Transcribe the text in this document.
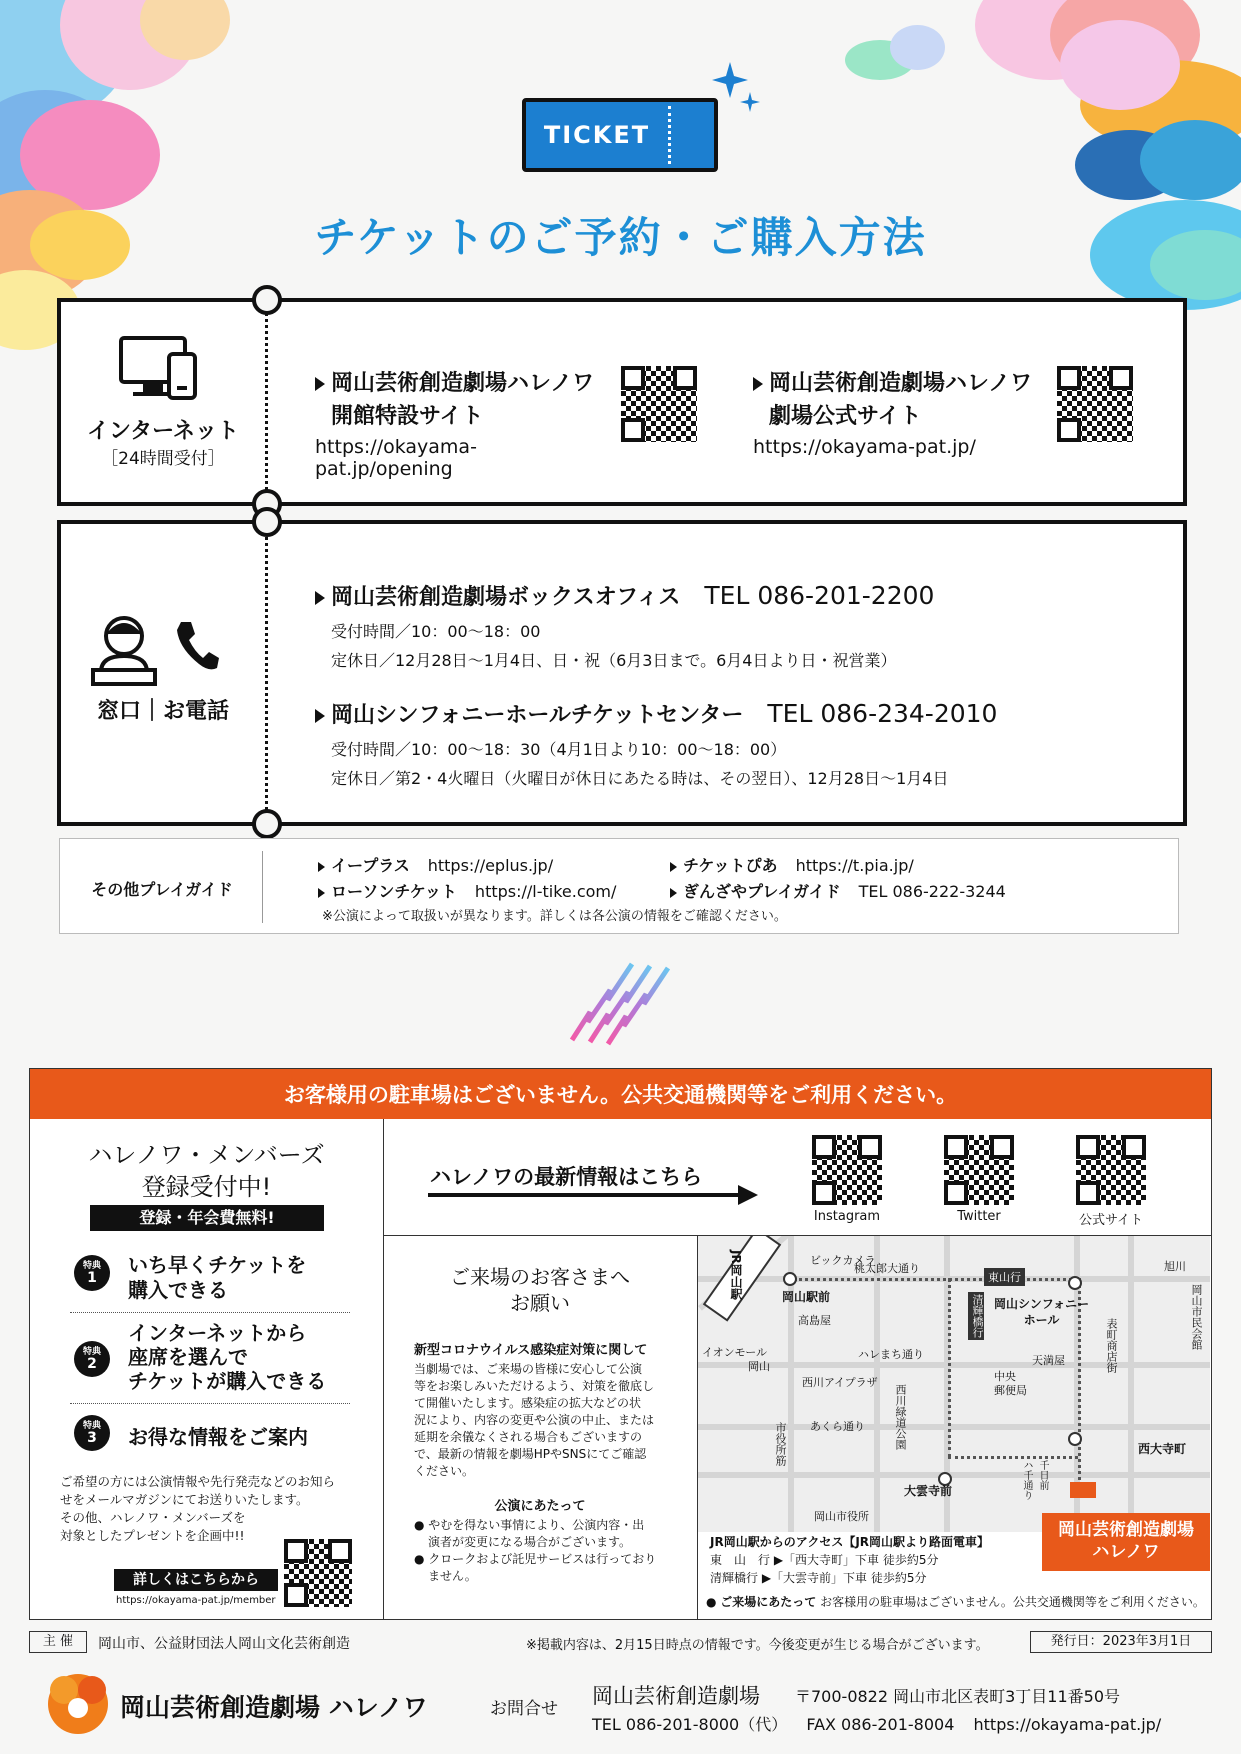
TICKET
チケットのご予約・ご購入方法
インターネット
［24時間受付］
岡山芸術創造劇場ハレノワ
開館特設サイト
https://okayama-pat.jp/opening
岡山芸術創造劇場ハレノワ
劇場公式サイト
https://okayama-pat.jp/
窓口｜お電話
岡山芸術創造劇場ボックスオフィス TEL 086-201-2200
受付時間／10：00～18：00
定休日／12月28日～1月4日、日・祝（6月3日まで。6月4日より日・祝営業）
岡山シンフォニーホールチケットセンター TEL 086-234-2010
受付時間／10：00～18：30（4月1日より10：00～18：00）
定休日／第2・4火曜日（火曜日が休日にあたる時は、その翌日）、12月28日～1月4日
その他プレイガイド
イープラス https://eplus.jp/	チケットぴあ https://t.pia.jp/
ローソンチケット https://l-tike.com/	ぎんざやプレイガイド TEL 086-222-3244
※公演によって取扱いが異なります。詳しくは各公演の情報をご確認ください。
お客様用の駐車場はございません。公共交通機関等をご利用ください。
ハレノワ・メンバーズ
登録受付中!
登録・年会費無料!
特典
1
いち早くチケットを
購入できる
特典
2
インターネットから
座席を選んで
チケットが購入できる
特典
3	お得な情報をご案内
ご希望の方には公演情報や先行発売などのお知ら
せをメールマガジンにてお送りいたします。
その他、ハレノワ・メンバーズを
対象としたプレゼントを企画中!!
詳しくはこちらから
https://okayama-pat.jp/member
ハレノワの最新情報はこちら
Instagram	Twitter	公式サイト
ご来場のお客さまへ
お願い
新型コロナウイルス感染症対策に関して
当劇場では、ご来場の皆様に安心して公演
等をお楽しみいただけるよう、対策を徹底し
て開催いたします。感染症の拡大などの状
況により、内容の変更や公演の中止、または
延期を余儀なくされる場合もございますの
で、最新の情報を劇場HPやSNSにてご確認
ください。
公演にあたって
● やむを得ない事情により、公演内容・出
演者が変更になる場合がございます。
● クロークおよび託児サービスは行っており
ません。
JR岡山駅	ビックカメラ
岡山駅前
高島屋
桃太郎大通り
東山行
清輝橋行 岡山シンフォニー
ホール
イオンモール
岡山
西川アイプラザ
ハレまち通り
あくら通り	西川緑道公園
市役所筋
岡山市役所
大雲寺前
中央
郵便局
天満屋	表町商店街
西大寺町
千日前
ハ千通り
旭川
岡山市民会館
岡山芸術創造劇場
ハレノワ
JR岡山駅からのアクセス【JR岡山駅より路面電車】
東　山　行 ▶「西大寺町」下車 徒歩約5分
清輝橋行 ▶「大雲寺前」下車 徒歩約5分
● ご来場にあたって お客様用の駐車場はございません。公共交通機関等をご利用ください。
主 催	岡山市、公益財団法人岡山文化芸術創造	※掲載内容は、2月15日時点の情報です。今後変更が生じる場合がございます。	発行日：2023年3月1日
岡山芸術創造劇場 ハレノワ	お問合せ
岡山芸術創造劇場 〒700-0822 岡山市北区表町3丁目11番50号
TEL 086-201-8000（代） FAX 086-201-8004 https://okayama-pat.jp/
